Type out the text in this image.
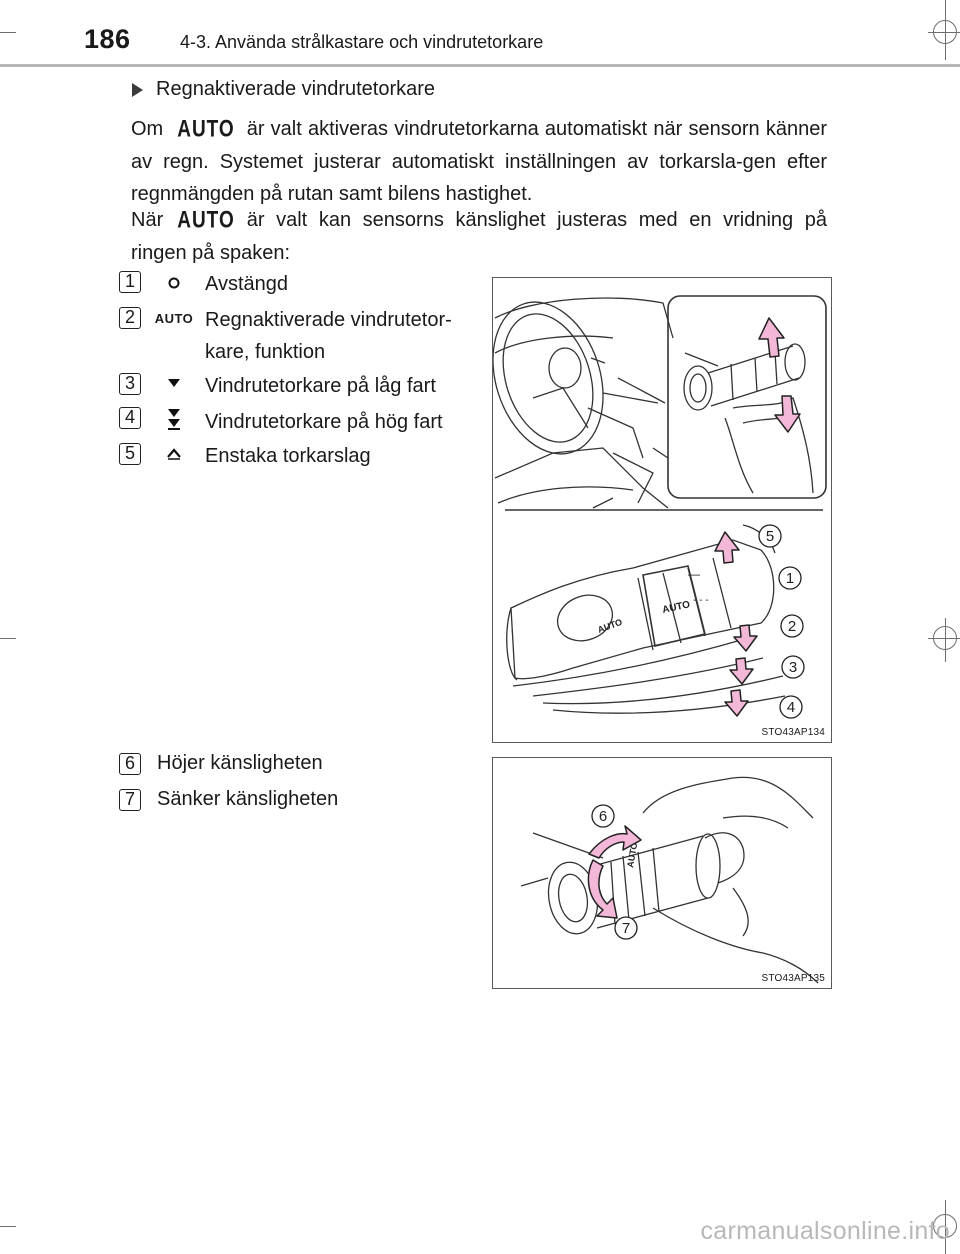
186	4-3. Använda strålkastare och vindrutetorkare
Regnaktiverade vindrutetorkare
Om AUTO är valt aktiveras vindrutetorkarna automatiskt när sensorn känner av regn. Systemet justerar automatiskt inställningen av torkarsla-gen efter regnmängden på rutan samt bilens hastighet.
När AUTO är valt kan sensorns känslighet justeras med en vridning på ringen på spaken:
1	Avstängd
2	AUTO Regnaktiverade vindrutetor-kare, funktion
3	Vindrutetorkare på låg fart
4	Vindrutetorkare på hög fart
5	Enstaka torkarslag
6	Höjer känsligheten
7	Sänker känsligheten
AUTO
AUTO
—
- - -
5
1
2
3
4
STO43AP134
AUTO
6
7
STO43AP135
carmanualsonline.info
